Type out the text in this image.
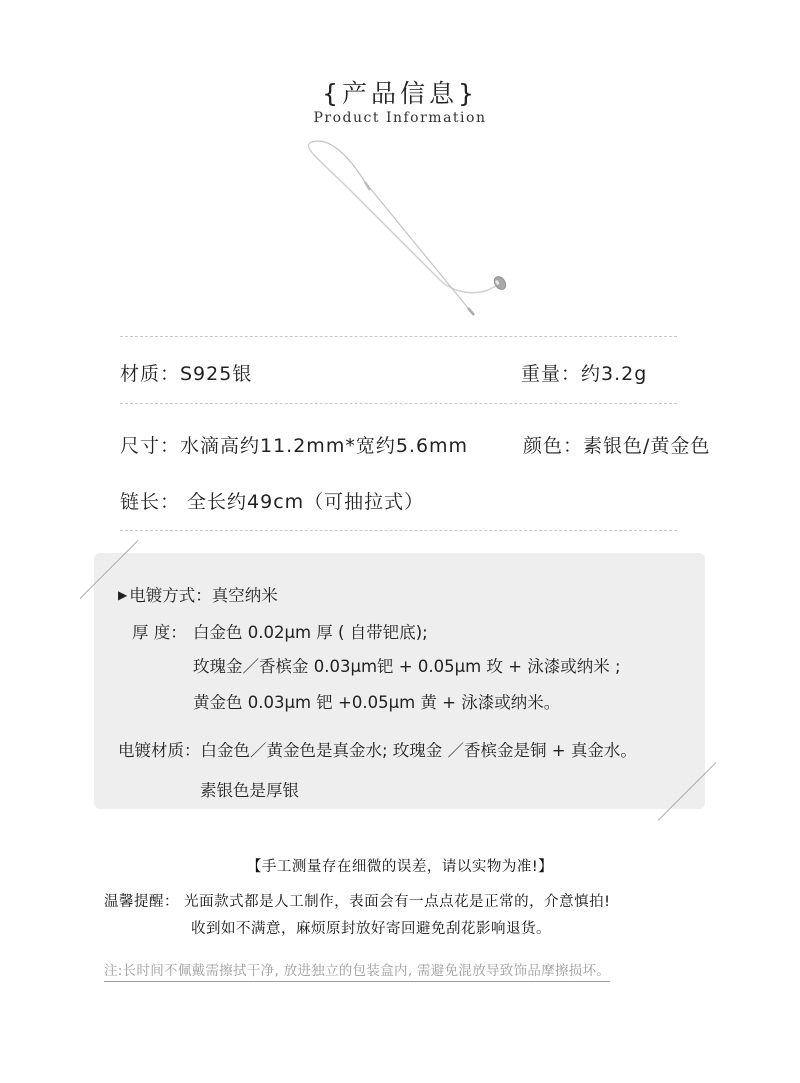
{产品信息}
Product Information
材质：S925银	重量：约3.2g
尺寸：水滴高约11.2mm*宽约5.6mm	颜色：素银色/黄金色
链长： 全长约49cm（可抽拉式）
▶ 电镀方式：真空纳米
厚 度： 白金色 0.02μm 厚 ( 自带钯底);
玫瑰金／香槟金 0.03μm钯 + 0.05μm 玫 + 泳漆或纳米 ;
黄金色 0.03μm 钯 +0.05μm 黄 + 泳漆或纳米。
电镀材质：白金色／黄金色是真金水; 玫瑰金 ／香槟金是铜 + 真金水。
素银色是厚银
【手工测量存在细微的误差，请以实物为准!】
温馨提醒： 光面款式都是人工制作，表面会有一点点花是正常的，介意慎拍!
收到如不满意，麻烦原封放好寄回避免刮花影响退货。
注:长时间不佩戴需擦拭干净, 放进独立的包装盒内, 需避免混放导致饰品摩擦损坏。
